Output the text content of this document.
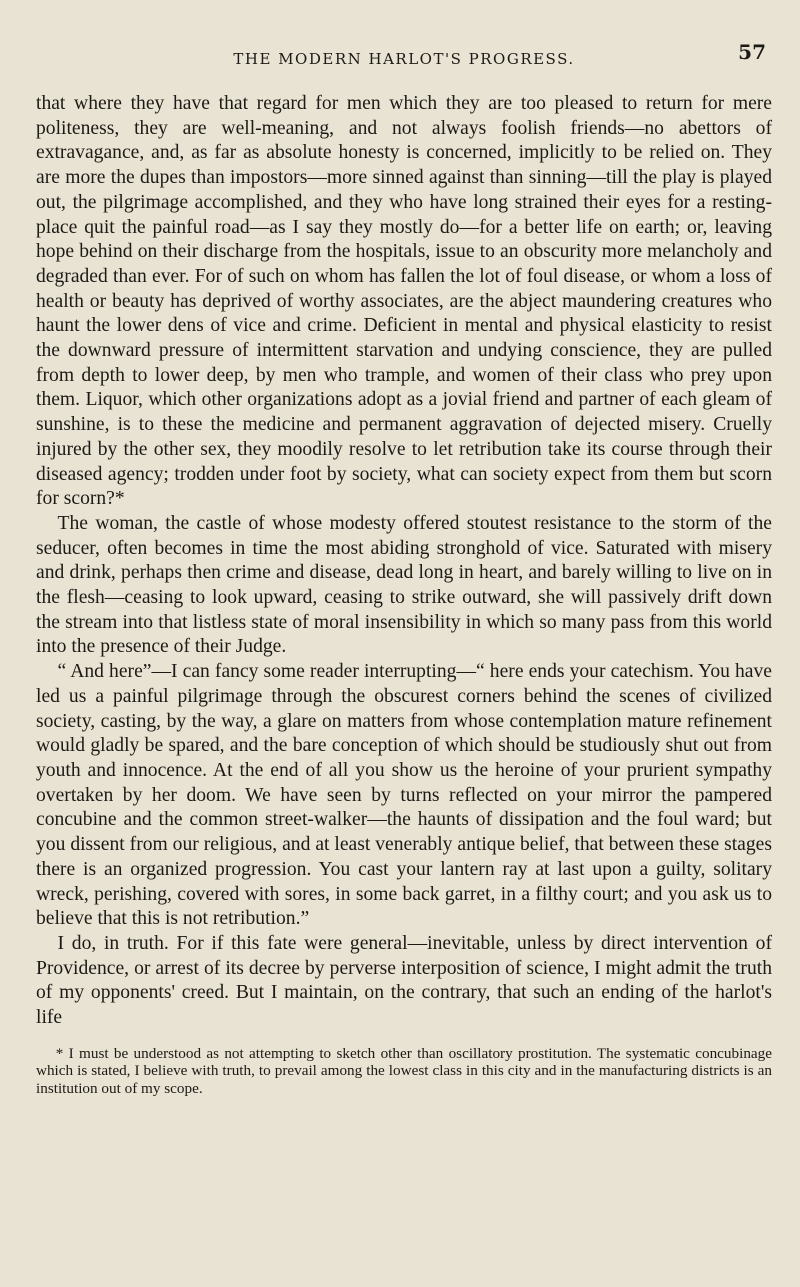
THE MODERN HARLOT'S PROGRESS.	57

that where they have that regard for men which they are too pleased to return for mere politeness, they are well-meaning, and not always foolish friends—no abettors of extravagance, and, as far as absolute honesty is concerned, implicitly to be relied on. They are more the dupes than impostors—more sinned against than sinning—till the play is played out, the pilgrimage accomplished, and they who have long strained their eyes for a resting-place quit the painful road—as I say they mostly do—for a better life on earth; or, leaving hope behind on their discharge from the hospitals, issue to an obscurity more melancholy and degraded than ever. For of such on whom has fallen the lot of foul disease, or whom a loss of health or beauty has deprived of worthy associates, are the abject maundering creatures who haunt the lower dens of vice and crime. Deficient in mental and physical elasticity to resist the downward pressure of intermittent starvation and undying conscience, they are pulled from depth to lower deep, by men who trample, and women of their class who prey upon them. Liquor, which other organizations adopt as a jovial friend and partner of each gleam of sunshine, is to these the medicine and permanent aggravation of dejected misery. Cruelly injured by the other sex, they moodily resolve to let retribution take its course through their diseased agency; trodden under foot by society, what can society expect from them but scorn for scorn?*

The woman, the castle of whose modesty offered stoutest resistance to the storm of the seducer, often becomes in time the most abiding stronghold of vice. Saturated with misery and drink, perhaps then crime and disease, dead long in heart, and barely willing to live on in the flesh—ceasing to look upward, ceasing to strike outward, she will passively drift down the stream into that listless state of moral insensibility in which so many pass from this world into the presence of their Judge.

“ And here”—I can fancy some reader interrupting—“ here ends your catechism. You have led us a painful pilgrimage through the obscurest corners behind the scenes of civilized society, casting, by the way, a glare on matters from whose contemplation mature refinement would gladly be spared, and the bare conception of which should be studiously shut out from youth and innocence. At the end of all you show us the heroine of your prurient sympathy overtaken by her doom. We have seen by turns reflected on your mirror the pampered concubine and the common street-walker—the haunts of dissipation and the foul ward; but you dissent from our religious, and at least venerably antique belief, that between these stages there is an organized progression. You cast your lantern ray at last upon a guilty, solitary wreck, perishing, covered with sores, in some back garret, in a filthy court; and you ask us to believe that this is not retribution.”

I do, in truth. For if this fate were general—inevitable, unless by direct intervention of Providence, or arrest of its decree by perverse interposition of science, I might admit the truth of my opponents' creed. But I maintain, on the contrary, that such an ending of the harlot's life

* I must be understood as not attempting to sketch other than oscillatory prostitution. The systematic concubinage which is stated, I believe with truth, to prevail among the lowest class in this city and in the manufacturing districts is an institution out of my scope.
